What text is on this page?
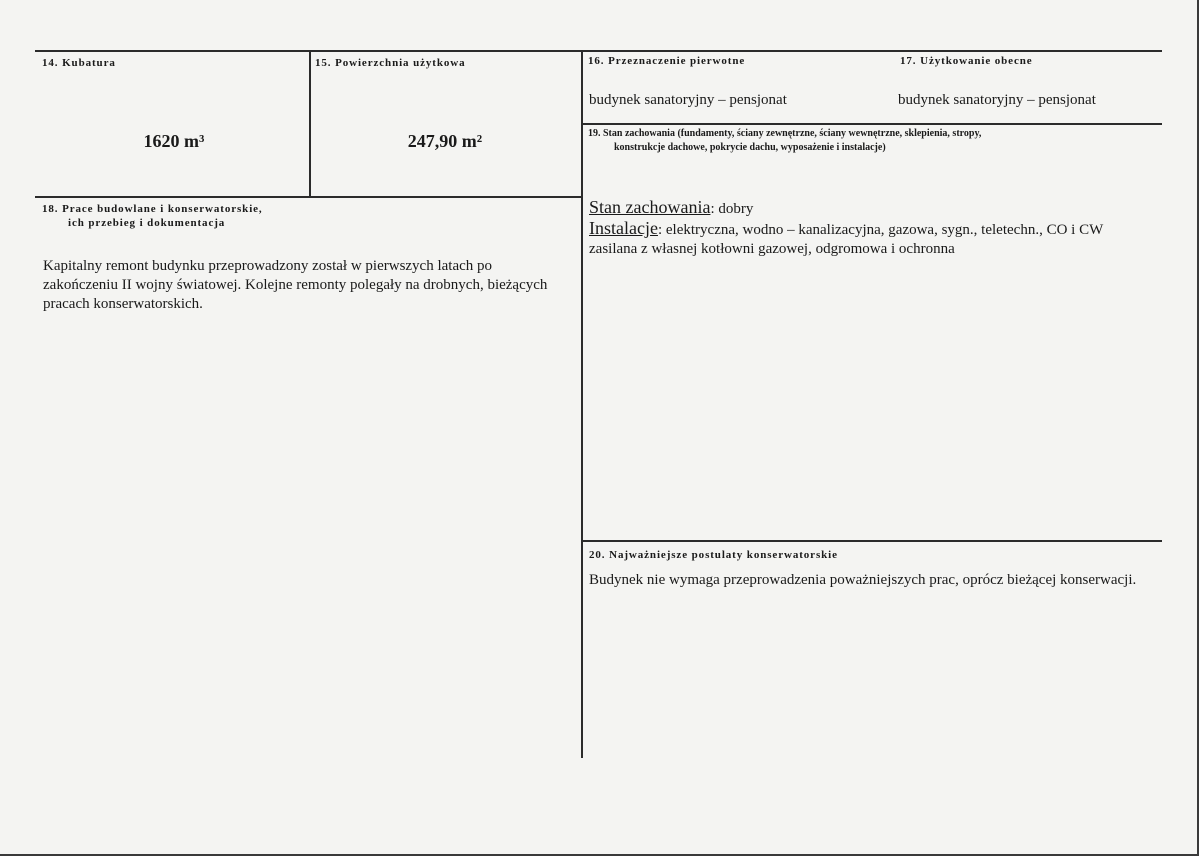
14. Kubatura
1620 m³
15. Powierzchnia użytkowa
247,90 m²
16. Przeznaczenie pierwotne
budynek sanatoryjny – pensjonat
17. Użytkowanie obecne
budynek sanatoryjny – pensjonat
18. Prace budowlane i konserwatorskie,
ich przebieg i dokumentacja
Kapitalny remont budynku przeprowadzony został w pierwszych latach po zakończeniu II wojny światowej. Kolejne remonty polegały na drobnych, bieżących pracach konserwatorskich.
19. Stan zachowania (fundamenty, ściany zewnętrzne, ściany wewnętrzne, sklepienia, stropy,
konstrukcje dachowe, pokrycie dachu, wyposażenie i instalacje)
Stan zachowania: dobry
Instalacje: elektryczna, wodno – kanalizacyjna, gazowa, sygn., teletechn., CO i CW zasilana z własnej kotłowni gazowej, odgromowa i ochronna
20. Najważniejsze postulaty konserwatorskie
Budynek nie wymaga przeprowadzenia poważniejszych prac, oprócz bieżącej konserwacji.
